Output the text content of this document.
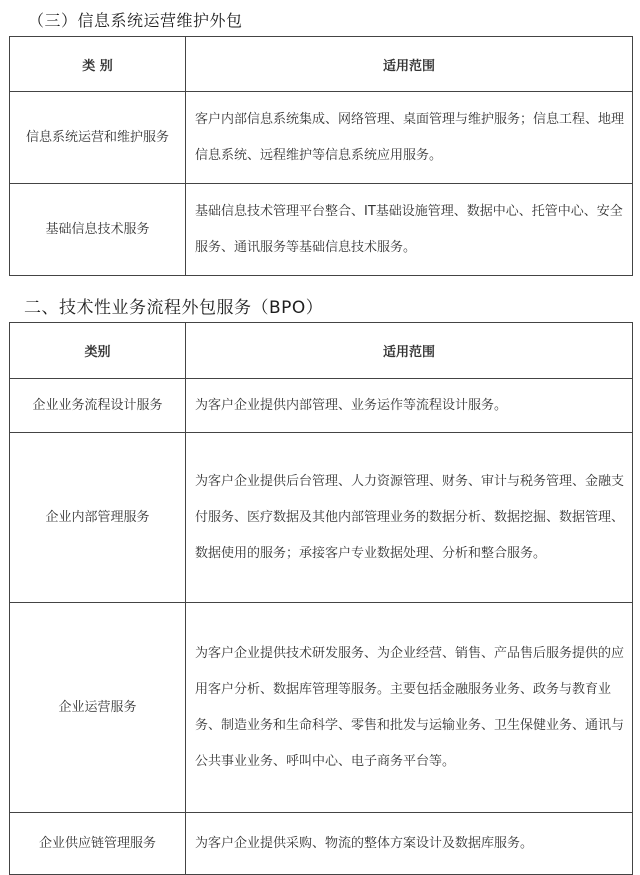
（三）信息系统运营维护外包
类 别	适用范围
信息系统运营和维护服务	客户内部信息系统集成、网络管理、桌面管理与维护服务；信息工程、地理信息系统、远程维护等信息系统应用服务。
基础信息技术服务	基础信息技术管理平台整合、IT基础设施管理、数据中心、托管中心、安全服务、通讯服务等基础信息技术服务。
二、技术性业务流程外包服务（BPO）
类别	适用范围
企业业务流程设计服务	为客户企业提供内部管理、业务运作等流程设计服务。
企业内部管理服务	为客户企业提供后台管理、人力资源管理、财务、审计与税务管理、金融支付服务、医疗数据及其他内部管理业务的数据分析、数据挖掘、数据管理、数据使用的服务；承接客户专业数据处理、分析和整合服务。
企业运营服务	为客户企业提供技术研发服务、为企业经营、销售、产品售后服务提供的应用客户分析、数据库管理等服务。主要包括金融服务业务、政务与教育业务、制造业务和生命科学、零售和批发与运输业务、卫生保健业务、通讯与公共事业业务、呼叫中心、电子商务平台等。
企业供应链管理服务	为客户企业提供采购、物流的整体方案设计及数据库服务。
